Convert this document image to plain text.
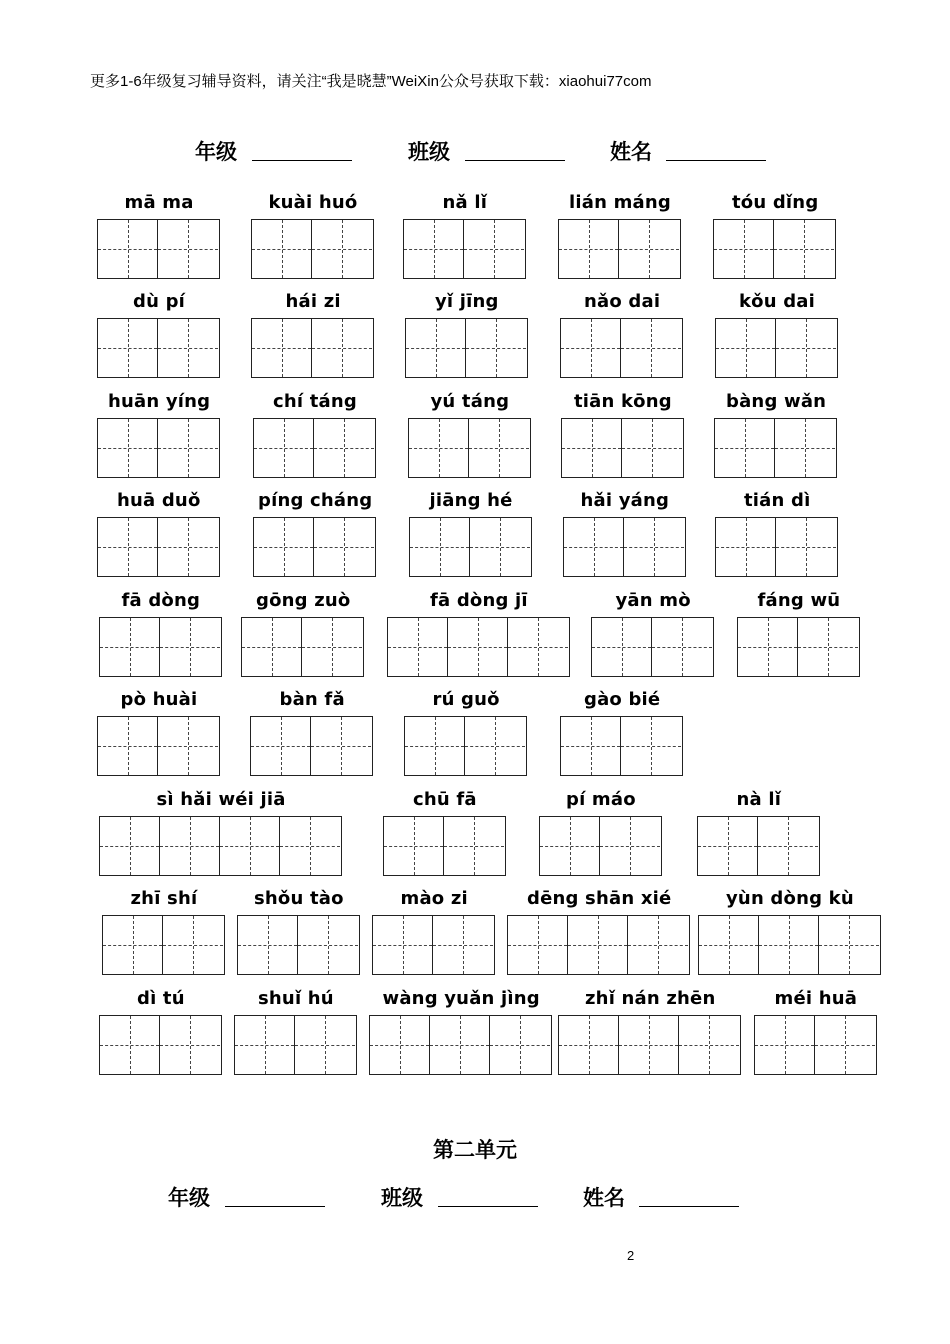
更多1-6年级复习辅导资料，请关注“我是晓慧”WeiXin公众号获取下载：xiaohui77com
年级	班级	姓名
mā ma	kuài huó	nǎ lǐ	lián máng	tóu dǐng
dù pí	hái zi	yǐ jīng	nǎo dai	kǒu dai
huān yíng	chí táng	yú táng	tiān kōng	bàng wǎn
huā duǒ	píng cháng	jiāng hé	hǎi yáng	tián dì
fā dòng	gōng zuò	fā dòng jī	yān mò	fáng wū
pò huài	bàn fǎ	rú guǒ	gào bié
sì hǎi wéi jiā	chū fā	pí máo	nà lǐ
zhī shí	shǒu tào	mào zi	dēng shān xié	yùn dòng kù
dì tú	shuǐ hú	wàng yuǎn jìng	zhǐ nán zhēn	méi huā
第二单元
年级	班级	姓名
2
